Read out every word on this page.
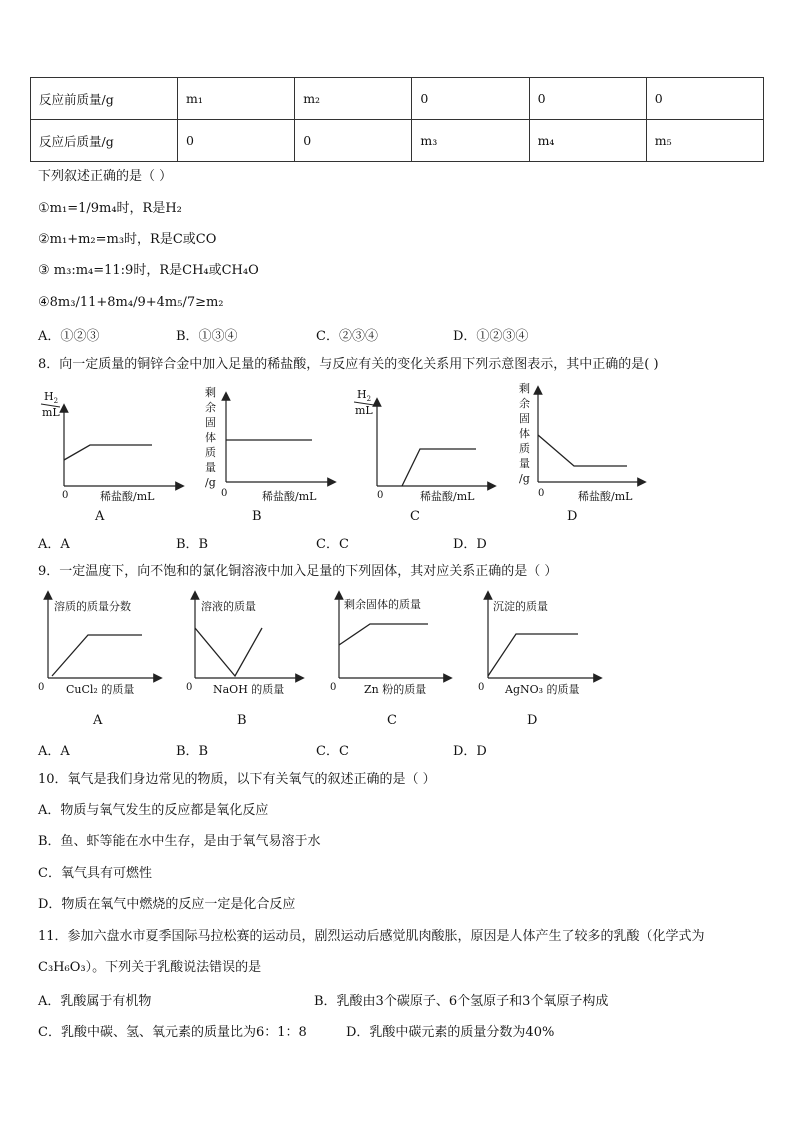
反应前质量/g	m₁	m₂	0	0	0
反应后质量/g	0	0	m₃	m₄	m₅
下列叙述正确的是（ ）
①m₁=1/9m₄时，R是H₂
②m₁+m₂=m₃时，R是C或CO
③ m₃:m₄=11:9时，R是CH₄或CH₄O
④8m₃/11+8m₄/9+4m₅/7≥m₂
A．①②③	B．①③④	C．②③④	D．①②③④
8．向一定质量的铜锌合金中加入足量的稀盐酸，与反应有关的变化关系用下列示意图表示，其中正确的是( )
$H_2$
mL
0	稀盐酸/mL
A
剩余固体质量/g
0	稀盐酸/mL
B
$H_2$
mL
0	稀盐酸/mL
C
剩余固体质量/g
0	稀盐酸/mL
D
A．A	B．B	C．C	D．D
9．一定温度下，向不饱和的氯化铜溶液中加入足量的下列固体，其对应关系正确的是（ ）
溶质的质量分数
0 CuCl₂ 的质量
A
溶液的质量
0 NaOH 的质量
B
剩余固体的质量
0	Zn 粉的质量
C
沉淀的质量
0 AgNO₃ 的质量
D
A．A	B．B	C．C	D．D
10．氧气是我们身边常见的物质，以下有关氧气的叙述正确的是（ ）
A．物质与氧气发生的反应都是氧化反应
B．鱼、虾等能在水中生存，是由于氧气易溶于水
C．氧气具有可燃性
D．物质在氧气中燃烧的反应一定是化合反应
11．参加六盘水市夏季国际马拉松赛的运动员，剧烈运动后感觉肌肉酸胀，原因是人体产生了较多的乳酸（化学式为
C₃H₆O₃）。下列关于乳酸说法错误的是
A．乳酸属于有机物	B．乳酸由3个碳原子、6个氢原子和3个氧原子构成
C．乳酸中碳、氢、氧元素的质量比为6：1：8	D．乳酸中碳元素的质量分数为40%
